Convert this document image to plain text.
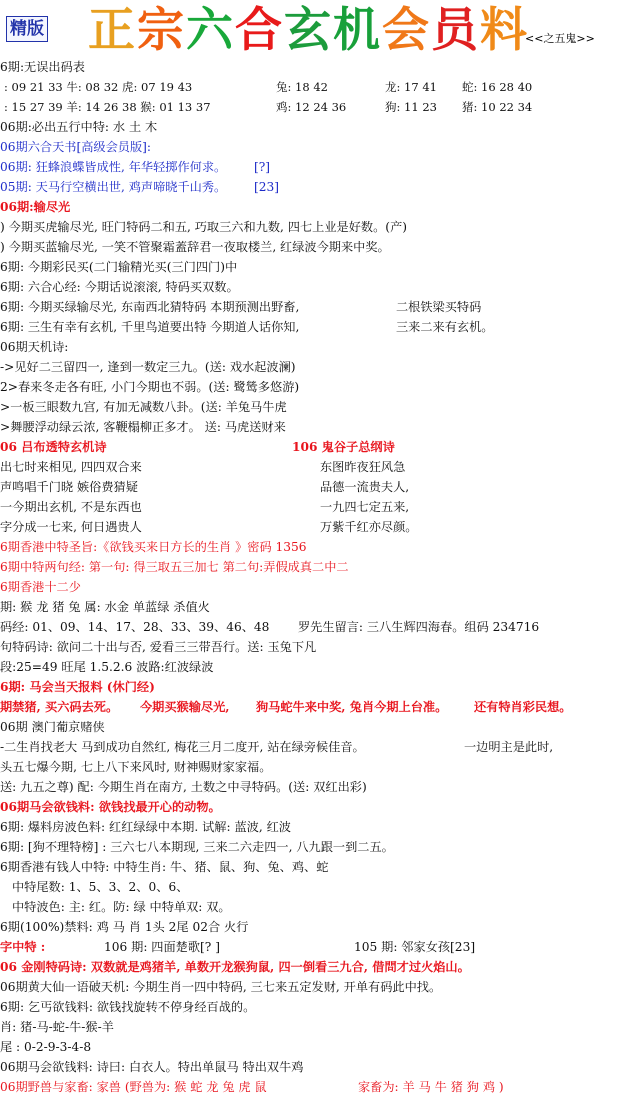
精版 正宗六合玄机会员料
<<之五鬼>>
6期:无误出码表
: 09 21 33 牛: 08 32 虎: 07 19 43	兔: 18 42	龙: 17 41 蛇: 16 28 40
: 15 27 39 羊: 14 26 38 猴: 01 13 37	鸡: 12 24 36	狗: 11 23 猪: 10 22 34
06期:必出五行中特: 水 土 木
06期六合天书[高级会员版]:
06期: 狂蜂浪蝶皆成性, 年华轻掷作何求。 [?]
05期: 天马行空横出世, 鸡声啼晓千山秀。 [23]
06期:输尽光
) 今期买虎输尽光, 旺门特码二和五, 巧取三六和九数, 四七上业是好数。(产)
) 今期买蓝输尽光, 一笑不管聚霜蓋辞君一夜取楼兰, 红绿波今期来中奖。
6期: 今期彩民买(二门输精光买(三门四门)中
6期: 六合心经: 今期话说滚滚, 特码买双数。
6期: 今期买绿输尽光, 东南西北猜特码 本期预测出野畜,	二根铁梁买特码
6期: 三生有幸有玄机, 千里鸟道要出特 今期道人话你知,	三来二来有玄机。
06期天机诗:
->见好二三留四一, 逢到一数定三九。(送: 戏水起波澜)
2>春来冬走各有旺, 小门今期也不弱。(送: 鹭鸶多悠游)
>一板三眼数九宫, 有加无减数八卦。(送: 羊兔马牛虎
>舞腰浮动绿云浓, 客鞭榻柳正多才。 送: 马虎送财来
06 吕布透特玄机诗	106 鬼谷子总纲诗
出七时来相见, 四四双合来	东图昨夜狂风急
声鸣唱千门晓 嫉俗费猜疑	品德一流贵夫人,
一今期出玄机, 不是东西也	一九四七定五来,
字分成一七来, 何日遇贵人	万紫千红亦尽颜。
6期香港中特圣旨:《欲钱买来日方长的生肖 》密码 1356
6期中特两句经: 第一句: 得三取五三加七 第二句:弄假成真二中二
6期香港十二少
期: 猴 龙 猪 兔 属: 水金 单蓝绿 杀值火
码经: 01、09、14、17、28、33、39、46、48 罗先生留言: 三八生辉四海春。组码 234716
句特码诗: 欲问二十出与否, 爱看三三带吾行。送: 玉兔下凡
段:25=49 旺尾 1.5.2.6 波路:红波绿波
6期: 马会当天报料 (休门经)
期禁猪, 买六码去死。 今期买猴输尽光, 狗马蛇牛来中奖, 兔肖今期上台准。 还有特肖彩民想。
06期 澳门葡京赌侠
-二生肖找老大 马到成功自然红, 梅花三月二度开, 站在绿旁候佳音。	一边明主是此时,
头五七爆今期, 七上八下来风时, 财神赐财家家福。
送: 九五之尊) 配: 今期生肖在南方, 土数之中寻特码。(送: 双红出彩)
06期马会欲钱料: 欲钱找最开心的动物。
6期: 爆料房波色料: 红红绿绿中本期. 试解: 蓝波, 红波
6期: [狗不理特榜] : 三六七八本期现, 三来二六走四一, 八九跟一到二五。
6期香港有钱人中特: 中特生肖: 牛、猪、鼠、狗、兔、鸡、蛇
中特尾数: 1、5、3、2、0、6、
中特波色: 主: 红。防: 绿 中特单双: 双。
6期(100%)禁料: 鸡 马 肖 1头 2尾 02合 火行
字中特 :	106 期: 四面楚歌[? ]	105 期: 邻家女孩[23]
06 金刚特码诗: 双数就是鸡猪羊, 单数开龙猴狗鼠, 四一倒看三九合, 借問才过火焰山。
06期黄大仙一语破天机: 今期生肖一四中特码, 三七来五定发财, 开单有码此中找。
6期: 乞丐欲钱料: 欲钱找旋转不停身经百战的。
肖: 猪-马-蛇-牛-猴-羊
尾 : 0-2-9-3-4-8
06期马会欲钱料: 诗曰: 白衣人。特出单鼠马 特出双牛鸡
06期野兽与家畜: 家兽 (野兽为: 猴 蛇 龙 兔 虎 鼠	家畜为: 羊 马 牛 猪 狗 鸡 )
